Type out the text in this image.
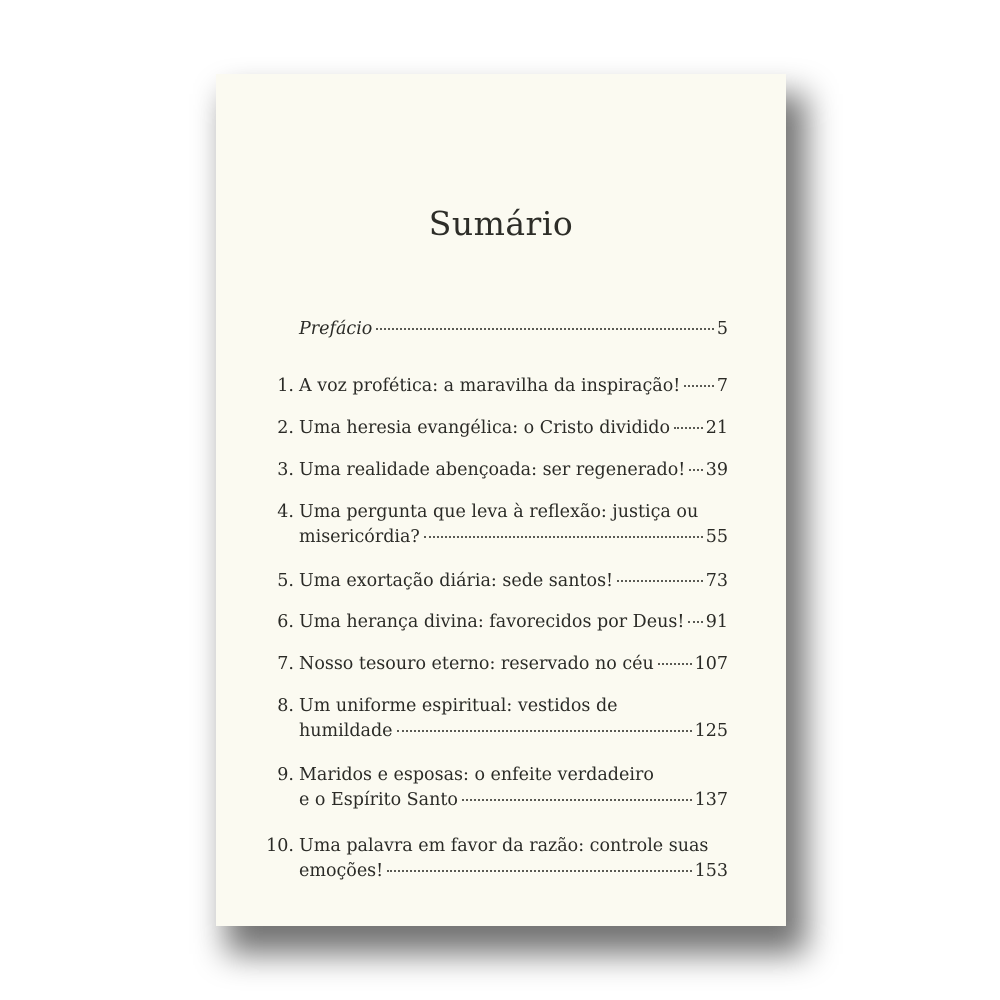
Sumário
Prefácio	5
1. A voz profética: a maravilha da inspiração! 7
2. Uma heresia evangélica: o Cristo dividido 21
3. Uma realidade abençoada: ser regenerado! 39
4. Uma pergunta que leva à reflexão: justiça ou
misericórdia?	55
5. Uma exortação diária: sede santos!	73
6. Uma herança divina: favorecidos por Deus! 91
7. Nosso tesouro eterno: reservado no céu 107
8. Um uniforme espiritual: vestidos de
humildade	125
9. Maridos e esposas: o enfeite verdadeiro
e o Espírito Santo	137
10. Uma palavra em favor da razão: controle suas
emoções!	153
